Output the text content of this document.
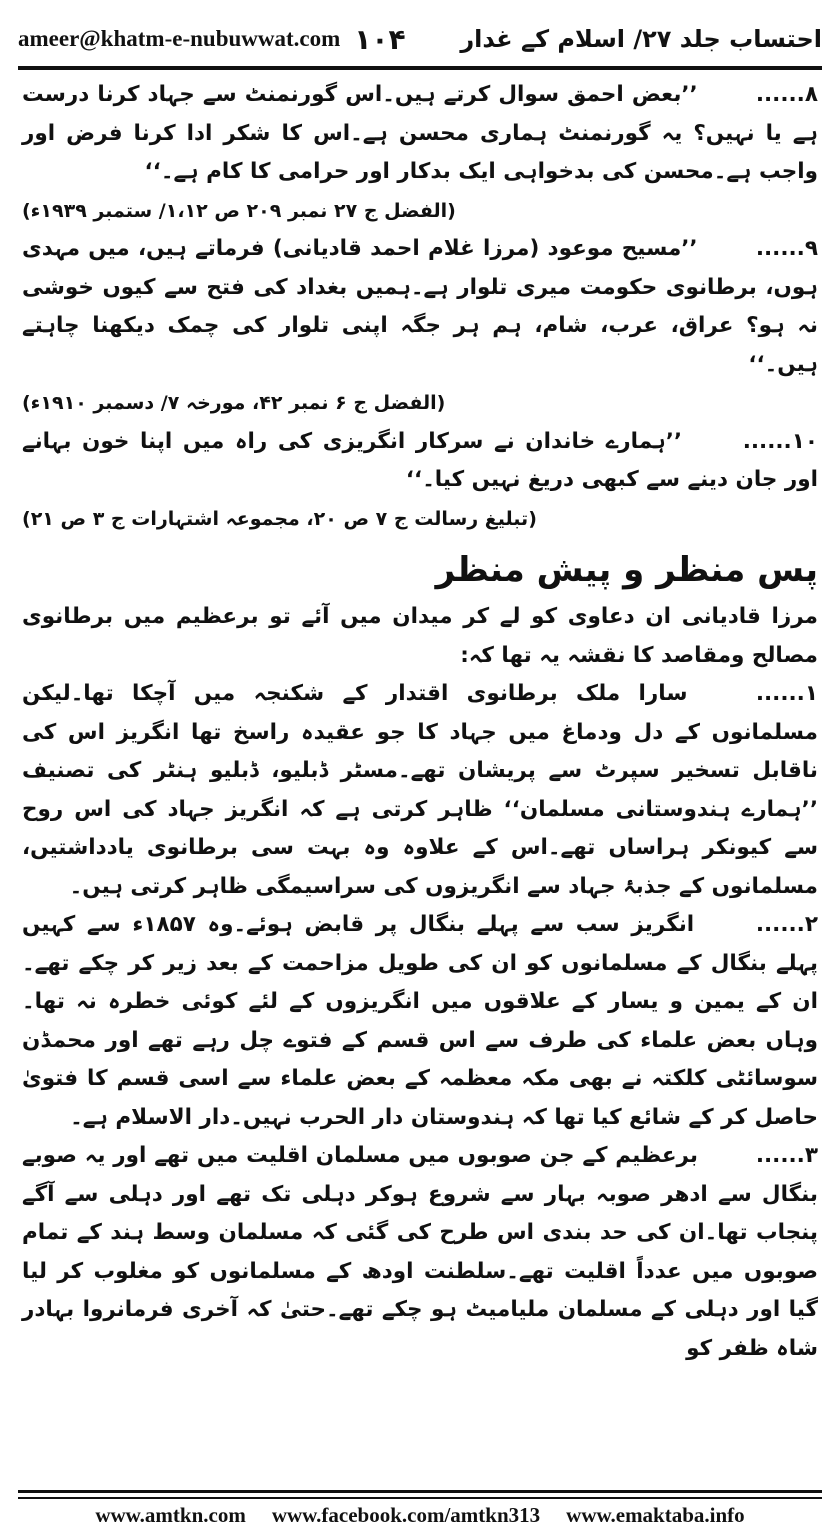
ameer@khatm-e-nubuwwat.com ۱۰۴ احتساب جلد ۲۷/ اسلام کے غدار

۸...... ’’بعض احمق سوال کرتے ہیں۔اس گورنمنٹ سے جہاد کرنا درست ہے یا نہیں؟ یہ گورنمنٹ ہماری محسن ہے۔اس کا شکر ادا کرنا فرض اور واجب ہے۔محسن کی بدخواہی ایک بدکار اور حرامی کا کام ہے۔‘‘

(الفضل ج ۲۷ نمبر ۲۰۹ ص ۱،۱۲/ ستمبر ۱۹۳۹ء)

۹...... ’’مسیح موعود (مرزا غلام احمد قادیانی) فرماتے ہیں، میں مہدی ہوں، برطانوی حکومت میری تلوار ہے۔ہمیں بغداد کی فتح سے کیوں خوشی نہ ہو؟ عراق، عرب، شام، ہم ہر جگہ اپنی تلوار کی چمک دیکھنا چاہتے ہیں۔‘‘

(الفضل ج ۶ نمبر ۴۲، مورخہ ۷/ دسمبر ۱۹۱۰ء)

۱۰...... ’’ہمارے خاندان نے سرکار انگریزی کی راہ میں اپنا خون بہانے اور جان دینے سے کبھی دریغ نہیں کیا۔‘‘

(تبلیغ رسالت ج ۷ ص ۲۰، مجموعہ اشتہارات ج ۳ ص ۲۱)

پس منظر و پیش منظر

مرزا قادیانی ان دعاوی کو لے کر میدان میں آئے تو برعظیم میں برطانوی مصالح ومقاصد کا نقشہ یہ تھا کہ:

۱...... سارا ملک برطانوی اقتدار کے شکنجہ میں آچکا تھا۔لیکن مسلمانوں کے دل ودماغ میں جہاد کا جو عقیدہ راسخ تھا انگریز اس کی ناقابل تسخیر سپرٹ سے پریشان تھے۔مسٹر ڈبلیو، ڈبلیو ہنٹر کی تصنیف ’’ہمارے ہندوستانی مسلمان‘‘ ظاہر کرتی ہے کہ انگریز جہاد کی اس روح سے کیونکر ہراساں تھے۔اس کے علاوہ وہ بہت سی برطانوی یادداشتیں، مسلمانوں کے جذبۂ جہاد سے انگریزوں کی سراسیمگی ظاہر کرتی ہیں۔

۲...... انگریز سب سے پہلے بنگال پر قابض ہوئے۔وہ ۱۸۵۷ء سے کہیں پہلے بنگال کے مسلمانوں کو ان کی طویل مزاحمت کے بعد زیر کر چکے تھے۔ان کے یمین و یسار کے علاقوں میں انگریزوں کے لئے کوئی خطرہ نہ تھا۔وہاں بعض علماء کی طرف سے اس قسم کے فتوے چل رہے تھے اور محمڈن سوسائٹی کلکتہ نے بھی مکہ معظمہ کے بعض علماء سے اسی قسم کا فتویٰ حاصل کر کے شائع کیا تھا کہ ہندوستان دار الحرب نہیں۔دار الاسلام ہے۔

۳...... برعظیم کے جن صوبوں میں مسلمان اقلیت میں تھے اور یہ صوبے بنگال سے ادھر صوبہ بہار سے شروع ہوکر دہلی تک تھے اور دہلی سے آگے پنجاب تھا۔ان کی حد بندی اس طرح کی گئی کہ مسلمان وسط ہند کے تمام صوبوں میں عدداً اقلیت تھے۔سلطنت اودھ کے مسلمانوں کو مغلوب کر لیا گیا اور دہلی کے مسلمان ملیامیٹ ہو چکے تھے۔حتیٰ کہ آخری فرمانروا بہادر شاہ ظفر کو

www.amtkn.com www.facebook.com/amtkn313 www.emaktaba.info
